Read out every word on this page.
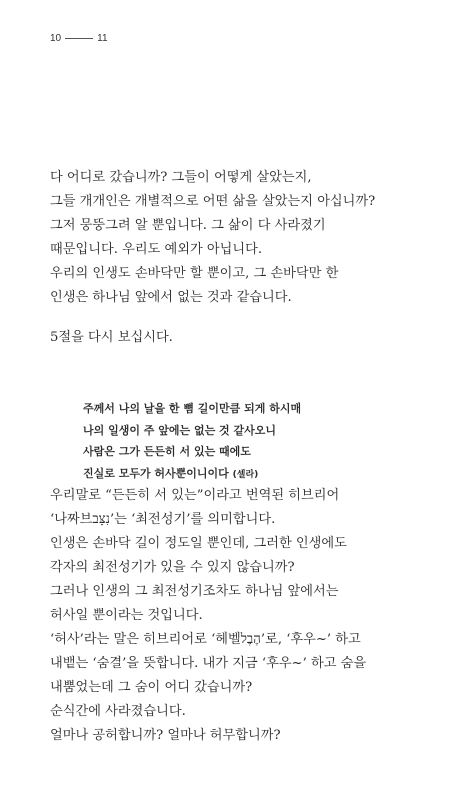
10	11

다 어디로 갔습니까? 그들이 어떻게 살았는지,
그들 개개인은 개별적으로 어떤 삶을 살았는지 아십니까?
그저 뭉뚱그려 알 뿐입니다. 그 삶이 다 사라졌기
때문입니다. 우리도 예외가 아닙니다.
우리의 인생도 손바닥만 할 뿐이고, 그 손바닥만 한
인생은 하나님 앞에서 없는 것과 같습니다.

5절을 다시 보십시다.

주께서 나의 날을 한 뼘 길이만큼 되게 하시매
나의 일생이 주 앞에는 없는 것 같사오니
사람은 그가 든든히 서 있는 때에도
진실로 모두가 허사뿐이니이다 (셀라)

우리말로 “든든히 서 있는”이라고 번역된 히브리어
‘나짜브נִצָּב’는 ‘최전성기’를 의미합니다.
인생은 손바닥 길이 정도일 뿐인데, 그러한 인생에도
각자의 최전성기가 있을 수 있지 않습니까?
그러나 인생의 그 최전성기조차도 하나님 앞에서는
허사일 뿐이라는 것입니다.
‘허사’라는 말은 히브리어로 ‘헤벨הֶבֶל’로, ‘후우~’ 하고
내뱉는 ‘숨결’을 뜻합니다. 내가 지금 ‘후우~’ 하고 숨을
내뿜었는데 그 숨이 어디 갔습니까?
순식간에 사라졌습니다.
얼마나 공허합니까? 얼마나 허무합니까?
